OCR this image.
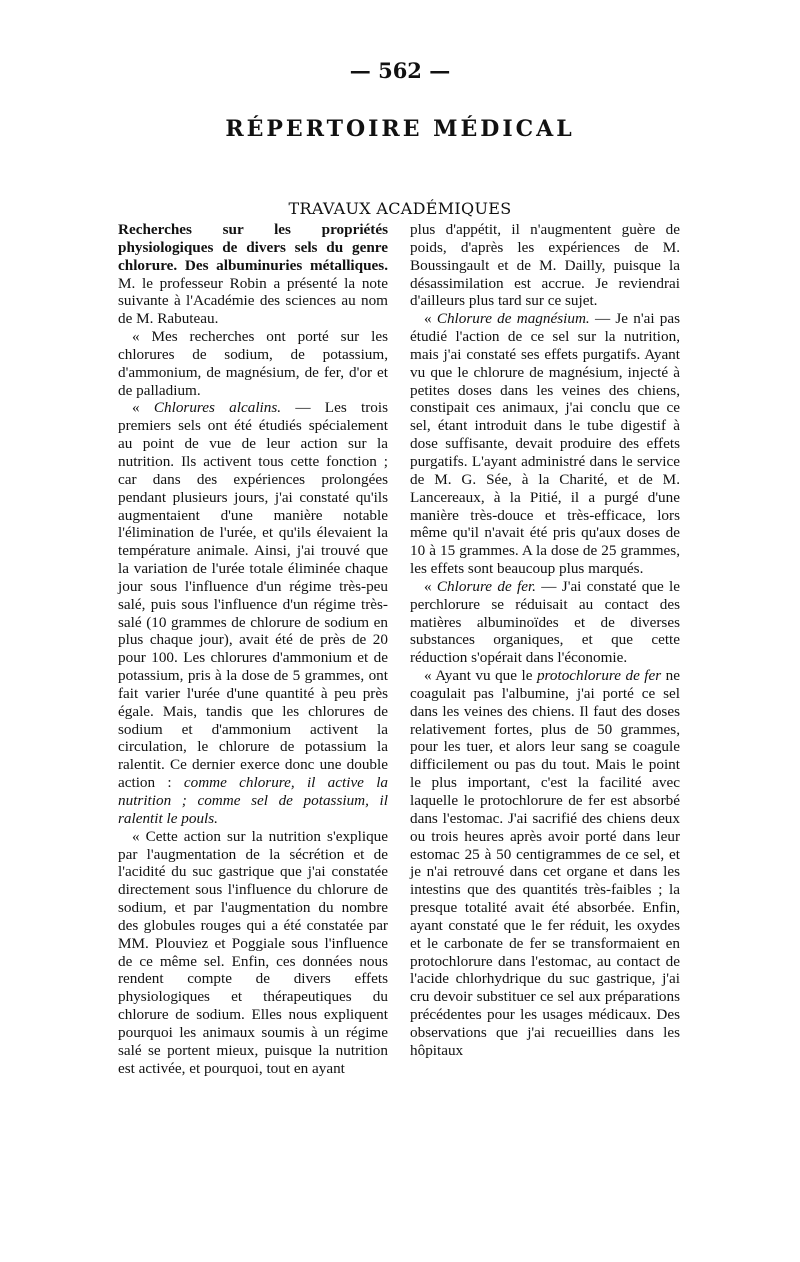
— 562 —
RÉPERTOIRE MÉDICAL
TRAVAUX ACADÉMIQUES

Recherches sur les propriétés physiologiques de divers sels du genre chlorure. Des albuminuries métalliques. M. le professeur Robin a présenté la note suivante à l'Académie des sciences au nom de M. Rabuteau.

« Mes recherches ont porté sur les chlorures de sodium, de potassium, d'ammonium, de magnésium, de fer, d'or et de palladium.

« Chlorures alcalins. — Les trois premiers sels ont été étudiés spécialement au point de vue de leur action sur la nutrition. Ils activent tous cette fonction ; car dans des expériences prolongées pendant plusieurs jours, j'ai constaté qu'ils augmentaient d'une manière notable l'élimination de l'urée, et qu'ils élevaient la température animale. Ainsi, j'ai trouvé que la variation de l'urée totale éliminée chaque jour sous l'influence d'un régime très-peu salé, puis sous l'influence d'un régime très-salé (10 grammes de chlorure de sodium en plus chaque jour), avait été de près de 20 pour 100. Les chlorures d'ammonium et de potassium, pris à la dose de 5 grammes, ont fait varier l'urée d'une quantité à peu près égale. Mais, tandis que les chlorures de sodium et d'ammonium activent la circulation, le chlorure de potassium la ralentit. Ce dernier exerce donc une double action : comme chlorure, il active la nutrition ; comme sel de potassium, il ralentit le pouls.

« Cette action sur la nutrition s'explique par l'augmentation de la sécrétion et de l'acidité du suc gastrique que j'ai constatée directement sous l'influence du chlorure de sodium, et par l'augmentation du nombre des globules rouges qui a été constatée par MM. Plouviez et Poggiale sous l'influence de ce même sel. Enfin, ces données nous rendent compte de divers effets physiologiques et thérapeutiques du chlorure de sodium. Elles nous expliquent pourquoi les animaux soumis à un régime salé se portent mieux, puisque la nutrition est activée, et pourquoi, tout en ayant

plus d'appétit, il n'augmentent guère de poids, d'après les expériences de M. Boussingault et de M. Dailly, puisque la désassimilation est accrue. Je reviendrai d'ailleurs plus tard sur ce sujet.

« Chlorure de magnésium. — Je n'ai pas étudié l'action de ce sel sur la nutrition, mais j'ai constaté ses effets purgatifs. Ayant vu que le chlorure de magnésium, injecté à petites doses dans les veines des chiens, constipait ces animaux, j'ai conclu que ce sel, étant introduit dans le tube digestif à dose suffisante, devait produire des effets purgatifs. L'ayant administré dans le service de M. G. Sée, à la Charité, et de M. Lancereaux, à la Pitié, il a purgé d'une manière très-douce et très-efficace, lors même qu'il n'avait été pris qu'aux doses de 10 à 15 grammes. A la dose de 25 grammes, les effets sont beaucoup plus marqués.

« Chlorure de fer. — J'ai constaté que le perchlorure se réduisait au contact des matières albuminoïdes et de diverses substances organiques, et que cette réduction s'opérait dans l'économie.

« Ayant vu que le protochlorure de fer ne coagulait pas l'albumine, j'ai porté ce sel dans les veines des chiens. Il faut des doses relativement fortes, plus de 50 grammes, pour les tuer, et alors leur sang se coagule difficilement ou pas du tout. Mais le point le plus important, c'est la facilité avec laquelle le protochlorure de fer est absorbé dans l'estomac. J'ai sacrifié des chiens deux ou trois heures après avoir porté dans leur estomac 25 à 50 centigrammes de ce sel, et je n'ai retrouvé dans cet organe et dans les intestins que des quantités très-faibles ; la presque totalité avait été absorbée. Enfin, ayant constaté que le fer réduit, les oxydes et le carbonate de fer se transformaient en protochlorure dans l'estomac, au contact de l'acide chlorhydrique du suc gastrique, j'ai cru devoir substituer ce sel aux préparations précédentes pour les usages médicaux. Des observations que j'ai recueillies dans les hôpitaux
